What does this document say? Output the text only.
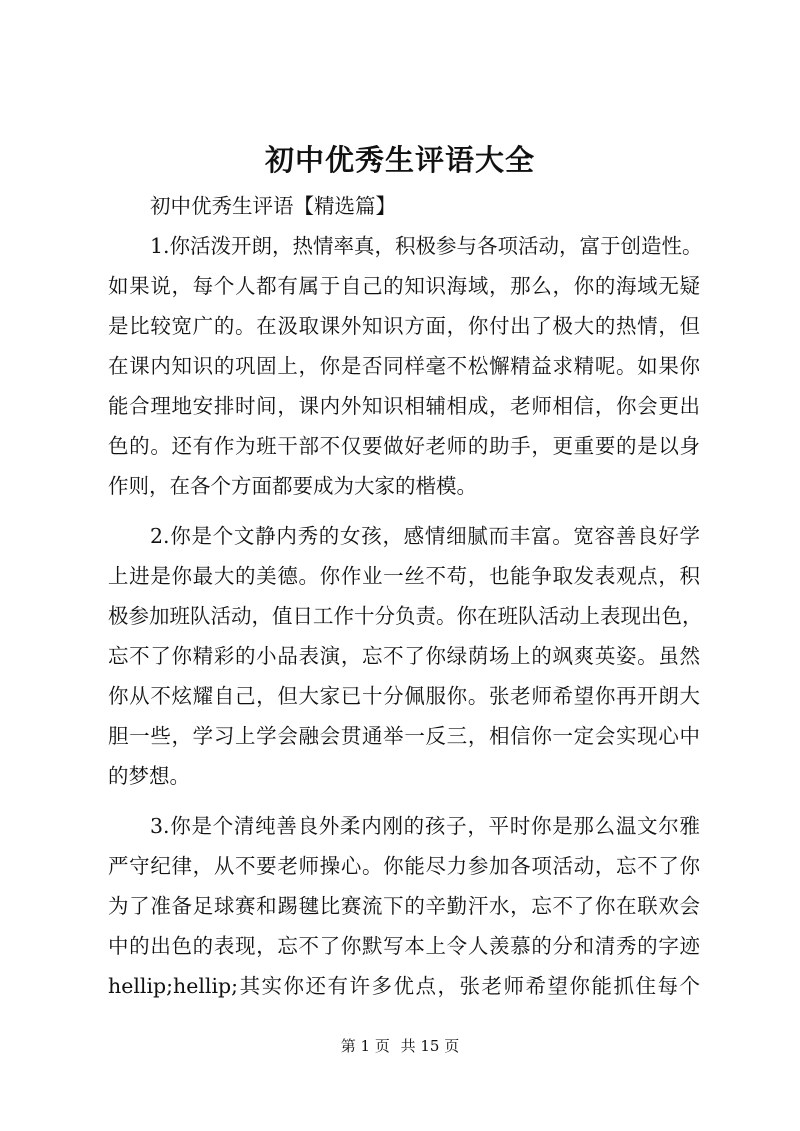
初中优秀生评语大全
初中优秀生评语【精选篇】
1.你活泼开朗，热情率真，积极参与各项活动，富于创造性。
如果说，每个人都有属于自己的知识海域，那么，你的海域无疑
是比较宽广的。在汲取课外知识方面，你付出了极大的热情，但
在课内知识的巩固上，你是否同样毫不松懈精益求精呢。如果你
能合理地安排时间，课内外知识相辅相成，老师相信，你会更出
色的。还有作为班干部不仅要做好老师的助手，更重要的是以身
作则，在各个方面都要成为大家的楷模。
2.你是个文静内秀的女孩，感情细腻而丰富。宽容善良好学
上进是你最大的美德。你作业一丝不苟，也能争取发表观点，积
极参加班队活动，值日工作十分负责。你在班队活动上表现出色，
忘不了你精彩的小品表演，忘不了你绿荫场上的飒爽英姿。虽然
你从不炫耀自己，但大家已十分佩服你。张老师希望你再开朗大
胆一些，学习上学会融会贯通举一反三，相信你一定会实现心中
的梦想。
3.你是个清纯善良外柔内刚的孩子，平时你是那么温文尔雅
严守纪律，从不要老师操心。你能尽力参加各项活动，忘不了你
为了准备足球赛和踢毽比赛流下的辛勤汗水，忘不了你在联欢会
中的出色的表现，忘不了你默写本上令人羡慕的分和清秀的字迹
hellip;hellip;其实你还有许多优点，张老师希望你能抓住每个
第 1 页 共 15 页
